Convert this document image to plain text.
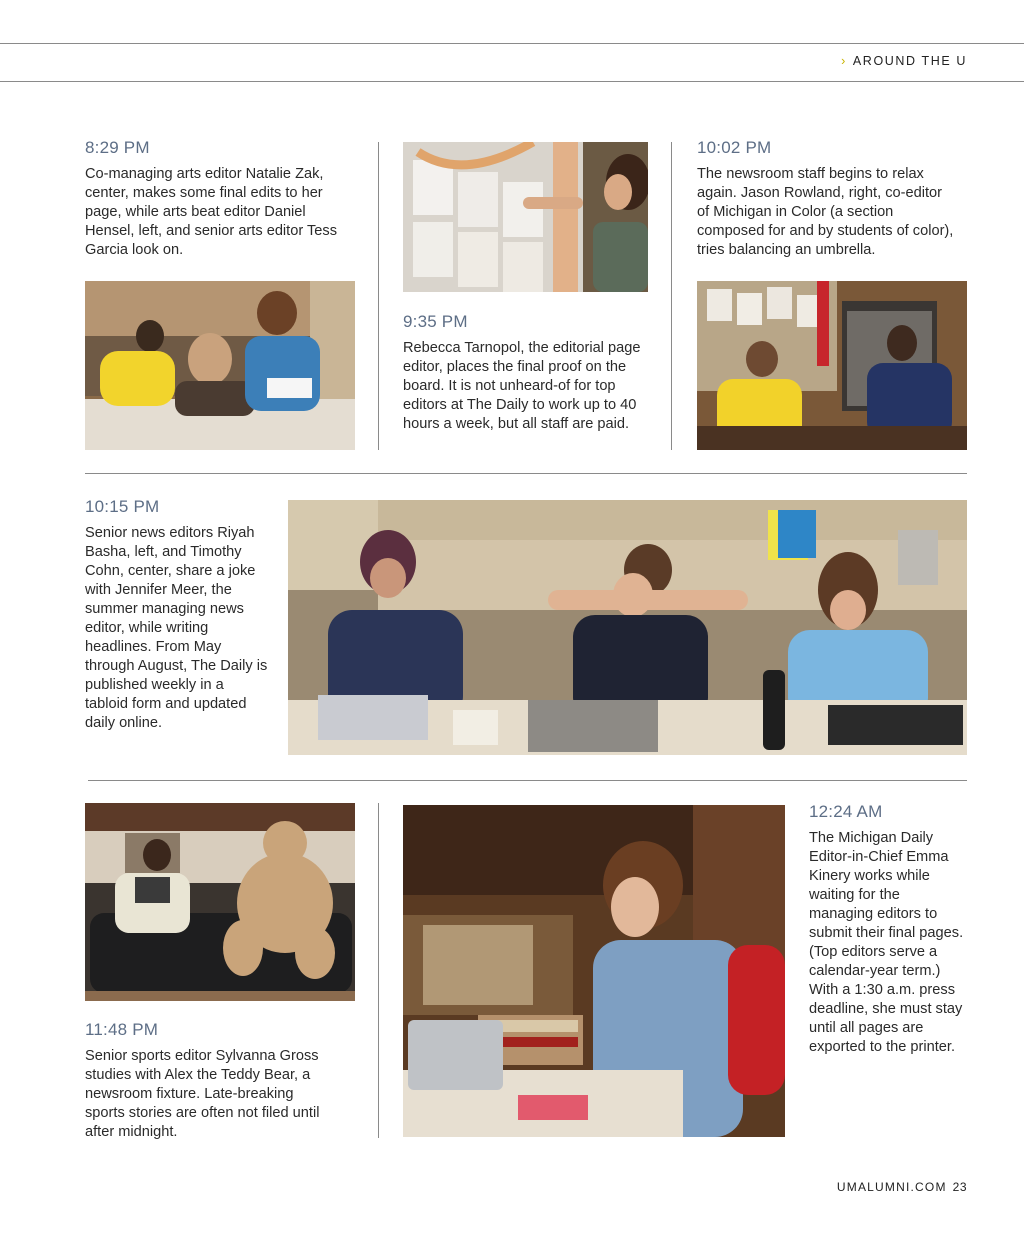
› AROUND THE U
8:29 PM

Co-managing arts editor Natalie Zak, center, makes some final edits to her page, while arts beat editor Daniel Hensel, left, and senior arts editor Tess Garcia look on.

9:35 PM

Rebecca Tarnopol, the editorial page editor, places the final proof on the board. It is not unheard-of for top editors at The Daily to work up to 40 hours a week, but all staff are paid.

10:02 PM

The newsroom staff begins to relax again. Jason Rowland, right, co-editor of Michigan in Color (a section composed for and by students of color), tries balancing an umbrella.

10:15 PM

Senior news editors Riyah Basha, left, and Timothy Cohn, center, share a joke with Jennifer Meer, the summer managing news editor, while writing headlines. From May through August, The Daily is published weekly in a tabloid form and updated daily online.

11:48 PM

Senior sports editor Sylvanna Gross studies with Alex the Teddy Bear, a newsroom fixture. Late-breaking sports stories are often not filed until after midnight.

12:24 AM

The Michigan Daily Editor-in-Chief Emma Kinery works while waiting for the managing editors to submit their final pages. (Top editors serve a calendar-year term.) With a 1:30 a.m. press deadline, she must stay until all pages are exported to the printer.

UMALUMNI.COM 23
